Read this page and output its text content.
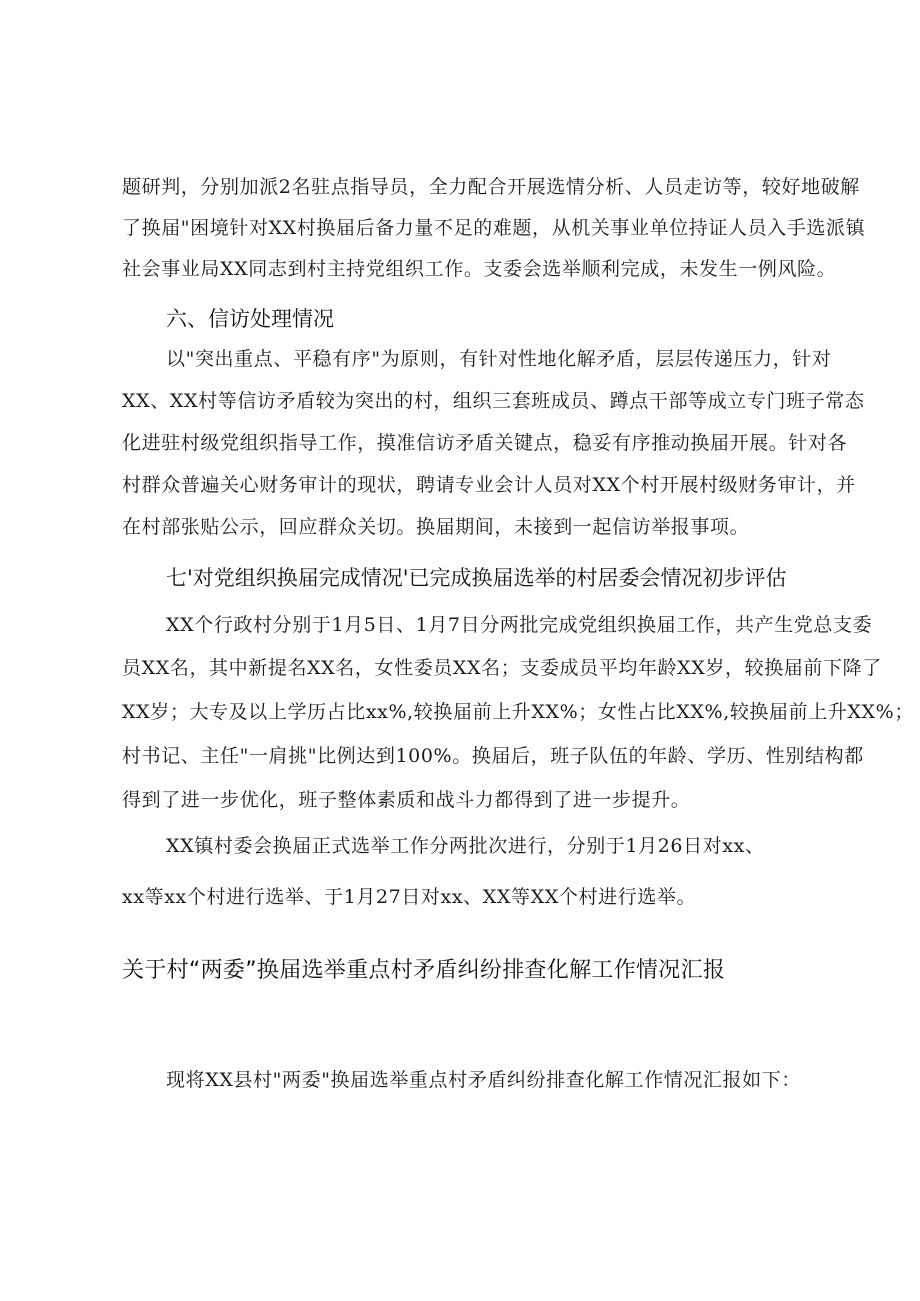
题研判，分别加派2名驻点指导员，全力配合开展选情分析、人员走访等，较好地破解
了换届"困境针对XX村换届后备力量不足的难题，从机关事业单位持证人员入手选派镇
社会事业局XX同志到村主持党组织工作。支委会选举顺利完成，未发生一例风险。
六、信访处理情况
以"突出重点、平稳有序"为原则，有针对性地化解矛盾，层层传递压力，针对
XX、XX村等信访矛盾较为突出的村，组织三套班成员、蹲点干部等成立专门班子常态
化进驻村级党组织指导工作，摸准信访矛盾关键点，稳妥有序推动换届开展。针对各
村群众普遍关心财务审计的现状，聘请专业会计人员对XX个村开展村级财务审计，并
在村部张贴公示，回应群众关切。换届期间，未接到一起信访举报事项。
七'对党组织换届完成情况'已完成换届选举的村居委会情况初步评估
XX个行政村分别于1月5日、1月7日分两批完成党组织换届工作，共产生党总支委
员XX名，其中新提名XX名，女性委员XX名；支委成员平均年龄XX岁，较换届前下降了
XX岁；大专及以上学历占比xx%,较换届前上升XX%；女性占比XX%,较换届前上升XX%；
村书记、主任"一肩挑"比例达到100%。换届后，班子队伍的年龄、学历、性别结构都
得到了进一步优化，班子整体素质和战斗力都得到了进一步提升。
XX镇村委会换届正式选举工作分两批次进行，分别于1月26日对xx、
xx等xx个村进行选举、于1月27日对xx、XX等XX个村进行选举。
关于村“两委”换届选举重点村矛盾纠纷排查化解工作情况汇报
现将XX县村"两委"换届选举重点村矛盾纠纷排查化解工作情况汇报如下：
